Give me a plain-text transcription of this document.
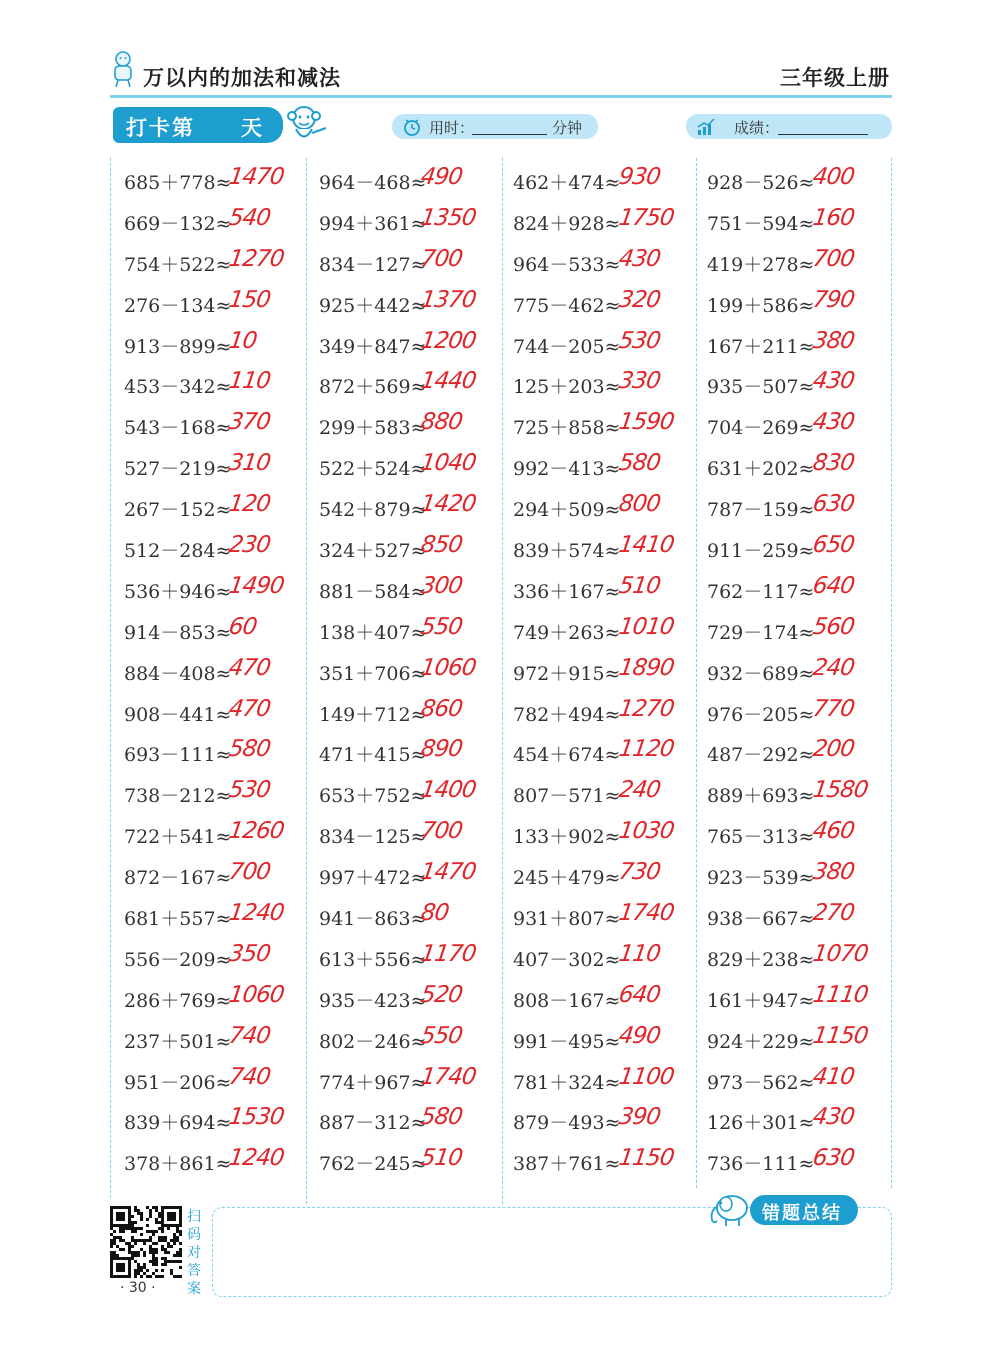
万以内的加法和减法	三年级上册
打卡第 天	用时：	分钟	成绩：
685＋778≈
1470
669－132≈
540
754＋522≈
1270
276－134≈
150
913－899≈
10
453－342≈
110
543－168≈
370
527－219≈
310
267－152≈
120
512－284≈
230
536＋946≈
1490
914－853≈
60
884－408≈
470
908－441≈
470
693－111≈
580
738－212≈
530
722＋541≈
1260
872－167≈
700
681＋557≈
1240
556－209≈
350
286＋769≈
1060
237＋501≈
740
951－206≈
740
839＋694≈
1530
378＋861≈
1240
964－468≈
490
994＋361≈
1350
834－127≈
700
925＋442≈
1370
349＋847≈
1200
872＋569≈
1440
299＋583≈
880
522＋524≈
1040
542＋879≈
1420
324＋527≈
850
881－584≈
300
138＋407≈
550
351＋706≈
1060
149＋712≈
860
471＋415≈
890
653＋752≈
1400
834－125≈
700
997＋472≈
1470
941－863≈
80
613＋556≈
1170
935－423≈
520
802－246≈
550
774＋967≈
1740
887－312≈
580
762－245≈
510
462＋474≈
930
824＋928≈
1750
964－533≈
430
775－462≈
320
744－205≈
530
125＋203≈
330
725＋858≈
1590
992－413≈
580
294＋509≈
800
839＋574≈
1410
336＋167≈
510
749＋263≈
1010
972＋915≈
1890
782＋494≈
1270
454＋674≈
1120
807－571≈
240
133＋902≈
1030
245＋479≈
730
931＋807≈
1740
407－302≈
110
808－167≈
640
991－495≈
490
781＋324≈
1100
879－493≈
390
387＋761≈
1150
928－526≈
400
751－594≈
160
419＋278≈
700
199＋586≈
790
167＋211≈
380
935－507≈
430
704－269≈
430
631＋202≈
830
787－159≈
630
911－259≈
650
762－117≈
640
729－174≈
560
932－689≈
240
976－205≈
770
487－292≈
200
889＋693≈
1580
765－313≈
460
923－539≈
380
938－667≈
270
829＋238≈
1070
161＋947≈
1110
924＋229≈
1150
973－562≈
410
126＋301≈
430
736－111≈
630
扫码对答案
· 30 ·
错题总结
